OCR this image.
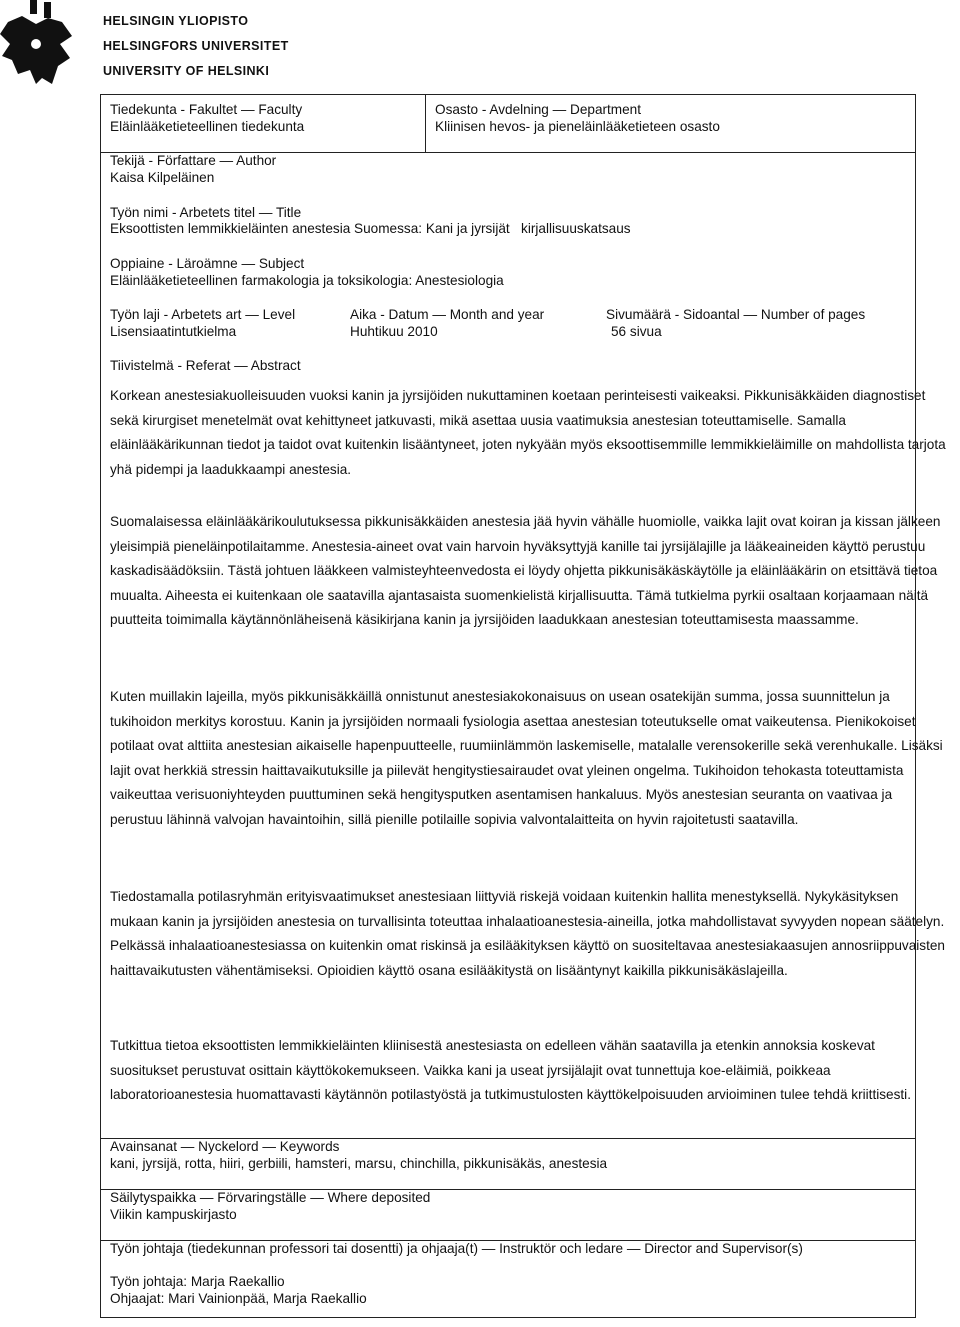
HELSINGIN YLIOPISTO
HELSINGFORS UNIVERSITET
UNIVERSITY OF HELSINKI
Tiedekunta - Fakultet — Faculty
Eläinlääketieteellinen tiedekunta
Osasto - Avdelning — Department
Kliinisen hevos- ja pieneläinlääketieteen osasto
Tekijä - Författare — Author
Kaisa Kilpeläinen
Työn nimi - Arbetets titel — Title
Eksoottisten lemmikkieläinten anestesia Suomessa: Kani ja jyrsijät   kirjallisuuskatsaus
Oppiaine - Läroämne — Subject
Eläinlääketieteellinen farmakologia ja toksikologia: Anestesiologia
Työn laji - Arbetets art — Level
Lisensiaatintutkielma
Aika - Datum — Month and year
Huhtikuu 2010
Sivumäärä - Sidoantal — Number of pages
56 sivua
Tiivistelmä - Referat — Abstract

Korkean anestesiakuolleisuuden vuoksi kanin ja jyrsijöiden nukuttaminen koetaan perinteisesti vaikeaksi. Pikkunisäkkäiden diagnostiset sekä kirurgiset menetelmät ovat kehittyneet jatkuvasti, mikä asettaa uusia vaatimuksia anestesian toteuttamiselle. Samalla eläinlääkärikunnan tiedot ja taidot ovat kuitenkin lisääntyneet, joten nykyään myös eksoottisemmille lemmikkieläimille on mahdollista tarjota yhä pidempi ja laadukkaampi anestesia.

Suomalaisessa eläinlääkärikoulutuksessa pikkunisäkkäiden anestesia jää hyvin vähälle huomiolle, vaikka lajit ovat koiran ja kissan jälkeen yleisimpiä pieneläinpotilaitamme. Anestesia-aineet ovat vain harvoin hyväksyttyjä kanille tai jyrsijälajille ja lääkeaineiden käyttö perustuu kaskadisäädöksiin. Tästä johtuen lääkkeen valmisteyhteenvedosta ei löydy ohjetta pikkunisäkäskäytölle ja eläinlääkärin on etsittävä tietoa muualta. Aiheesta ei kuitenkaan ole saatavilla ajantasaista suomenkielistä kirjallisuutta. Tämä tutkielma pyrkii osaltaan korjaamaan näitä puutteita toimimalla käytännönläheisenä käsikirjana kanin ja jyrsijöiden laadukkaan anestesian toteuttamisesta maassamme.

Kuten muillakin lajeilla, myös pikkunisäkkäillä onnistunut anestesiakokonaisuus on usean osatekijän summa, jossa suunnittelun ja tukihoidon merkitys korostuu. Kanin ja jyrsijöiden normaali fysiologia asettaa anestesian toteutukselle omat vaikeutensa. Pienikokoiset potilaat ovat alttiita anestesian aikaiselle hapenpuutteelle, ruumiinlämmön laskemiselle, matalalle verensokerille sekä verenhukalle. Lisäksi lajit ovat herkkiä stressin haittavaikutuksille ja piilevät hengitystiesairaudet ovat yleinen ongelma. Tukihoidon tehokasta toteuttamista vaikeuttaa verisuoniyhteyden puuttuminen sekä hengitysputken asentamisen hankaluus. Myös anestesian seuranta on vaativaa ja perustuu lähinnä valvojan havaintoihin, sillä pienille potilaille sopivia valvontalaitteita on hyvin rajoitetusti saatavilla.

Tiedostamalla potilasryhmän erityisvaatimukset anestesiaan liittyviä riskejä voidaan kuitenkin hallita menestyksellä. Nykykäsityksen mukaan kanin ja jyrsijöiden anestesia on turvallisinta toteuttaa inhalaatioanestesia-aineilla, jotka mahdollistavat syvyyden nopean säätelyn. Pelkässä inhalaatioanestesiassa on kuitenkin omat riskinsä ja esilääkityksen käyttö on suositeltavaa anestesiakaasujen annosriippuvaisten haittavaikutusten vähentämiseksi. Opioidien käyttö osana esilääkitystä on lisääntynyt kaikilla pikkunisäkäslajeilla.

Tutkittua tietoa eksoottisten lemmikkieläinten kliinisestä anestesiasta on edelleen vähän saatavilla ja etenkin annoksia koskevat suositukset perustuvat osittain käyttökokemukseen. Vaikka kani ja useat jyrsijälajit ovat tunnettuja koe-eläimiä, poikkeaa laboratorioanestesia huomattavasti käytännön potilastyöstä ja tutkimustulosten käyttökelpoisuuden arvioiminen tulee tehdä kriittisesti.

Avainsanat — Nyckelord — Keywords
kani, jyrsijä, rotta, hiiri, gerbiili, hamsteri, marsu, chinchilla, pikkunisäkäs, anestesia
Säilytyspaikka — Förvaringställe — Where deposited
Viikin kampuskirjasto
Työn johtaja (tiedekunnan professori tai dosentti) ja ohjaaja(t) — Instruktör och ledare — Director and Supervisor(s)
Työn johtaja: Marja Raekallio
Ohjaajat: Mari Vainionpää, Marja Raekallio
